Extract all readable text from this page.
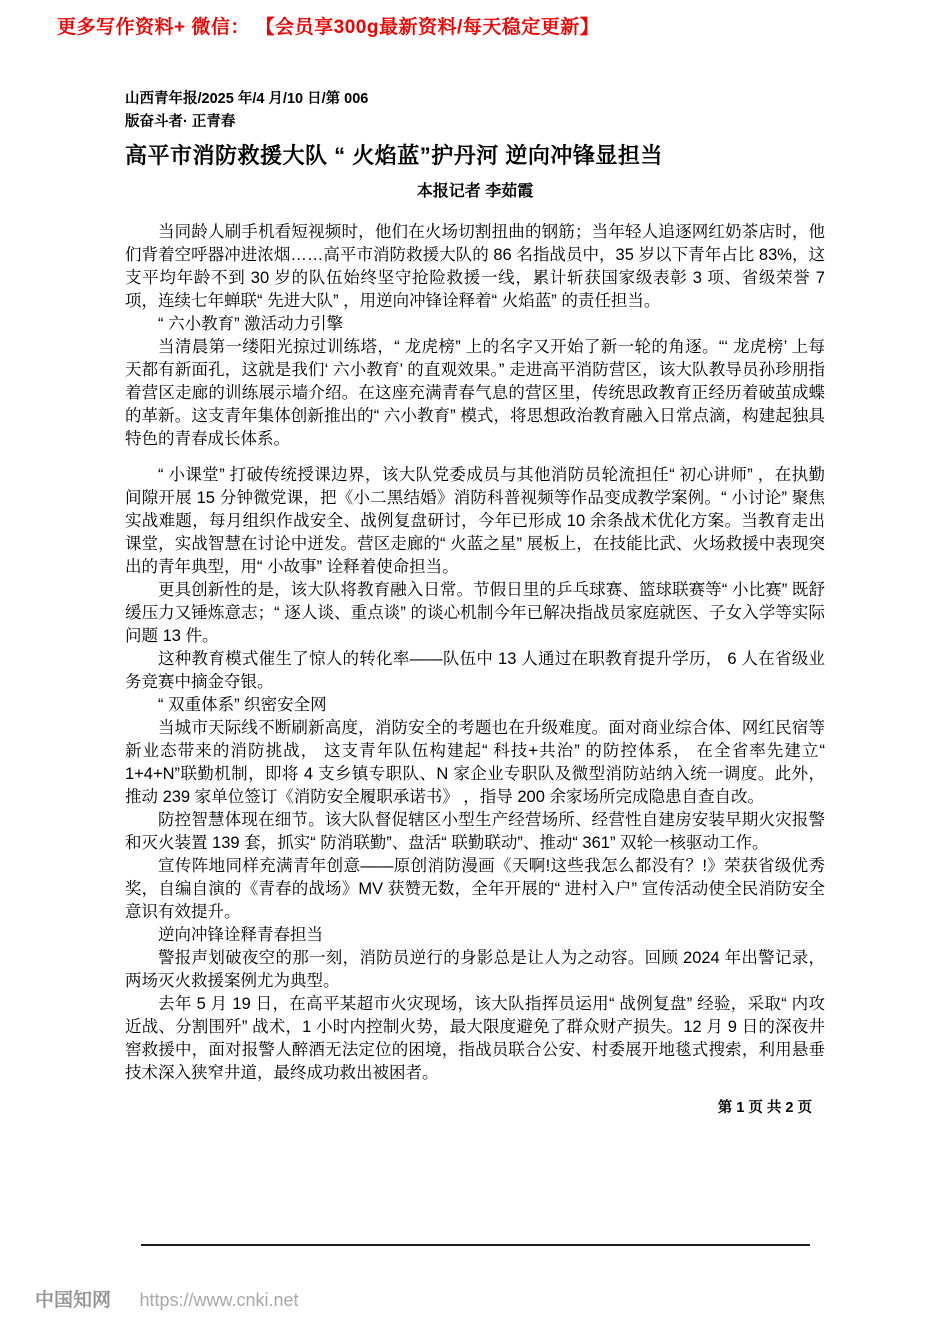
更多写作资料+ 微信： 【会员享300g最新资料/每天稳定更新】
山西青年报/2025 年/4 月/10 日/第 006
版奋斗者· 正青春
高平市消防救援大队 “ 火焰蓝”护丹河 逆向冲锋显担当
本报记者 李茹霞

当同龄人刷手机看短视频时，他们在火场切割扭曲的钢筋；当年轻人追逐网红奶茶店时，他们背着空呼器冲进浓烟……高平市消防救援大队的 86 名指战员中，35 岁以下青年占比 83%，这支平均年龄不到 30 岁的队伍始终坚守抢险救援一线，累计斩获国家级表彰 3 项、省级荣誉 7 项，连续七年蝉联“ 先进大队” ，用逆向冲锋诠释着“ 火焰蓝” 的责任担当。

“ 六小教育” 激活动力引擎

当清晨第一缕阳光掠过训练塔，“ 龙虎榜” 上的名字又开始了新一轮的角逐。“‘ 龙虎榜’ 上每天都有新面孔，这就是我们‘ 六小教育’ 的直观效果。” 走进高平消防营区，该大队教导员孙珍朋指着营区走廊的训练展示墙介绍。在这座充满青春气息的营区里，传统思政教育正经历着破茧成蝶的革新。这支青年集体创新推出的“ 六小教育” 模式，将思想政治教育融入日常点滴，构建起独具特色的青春成长体系。

“ 小课堂” 打破传统授课边界，该大队党委成员与其他消防员轮流担任“ 初心讲师” ，在执勤间隙开展 15 分钟微党课，把《小二黑结婚》消防科普视频等作品变成教学案例。“ 小讨论” 聚焦实战难题，每月组织作战安全、战例复盘研讨，今年已形成 10 余条战术优化方案。当教育走出课堂，实战智慧在讨论中迸发。营区走廊的“ 火蓝之星” 展板上，在技能比武、火场救援中表现突出的青年典型，用“ 小故事” 诠释着使命担当。

更具创新性的是，该大队将教育融入日常。节假日里的乒乓球赛、篮球联赛等“ 小比赛” 既舒缓压力又锤炼意志；“ 逐人谈、重点谈” 的谈心机制今年已解决指战员家庭就医、子女入学等实际问题 13 件。

这种教育模式催生了惊人的转化率——队伍中 13 人通过在职教育提升学历， 6 人在省级业务竞赛中摘金夺银。

“ 双重体系” 织密安全网

当城市天际线不断刷新高度，消防安全的考题也在升级难度。面对商业综合体、网红民宿等新业态带来的消防挑战， 这支青年队伍构建起“ 科技+共治” 的防控体系， 在全省率先建立“ 1+4+N”联勤机制，即将 4 支乡镇专职队、N 家企业专职队及微型消防站纳入统一调度。此外，推动 239 家单位签订《消防安全履职承诺书》 ，指导 200 余家场所完成隐患自查自改。

防控智慧体现在细节。该大队督促辖区小型生产经营场所、经营性自建房安装早期火灾报警和灭火装置 139 套，抓实“ 防消联勤”、盘活“ 联勤联动”、推动“ 361” 双轮一核驱动工作。

宣传阵地同样充满青年创意——原创消防漫画《天啊!这些我怎么都没有？!》荣获省级优秀奖，自编自演的《青春的战场》MV 获赞无数，全年开展的“ 进村入户” 宣传活动使全民消防安全意识有效提升。

逆向冲锋诠释青春担当

警报声划破夜空的那一刻，消防员逆行的身影总是让人为之动容。回顾 2024 年出警记录，两场灭火救援案例尤为典型。

去年 5 月 19 日，在高平某超市火灾现场，该大队指挥员运用“ 战例复盘” 经验，采取“ 内攻近战、分割围歼” 战术，1 小时内控制火势，最大限度避免了群众财产损失。12 月 9 日的深夜井窖救援中，面对报警人醉酒无法定位的困境，指战员联合公安、村委展开地毯式搜索，利用悬垂技术深入狭窄井道，最终成功救出被困者。

第 1 页 共 2 页
中国知网 https://www.cnki.net
